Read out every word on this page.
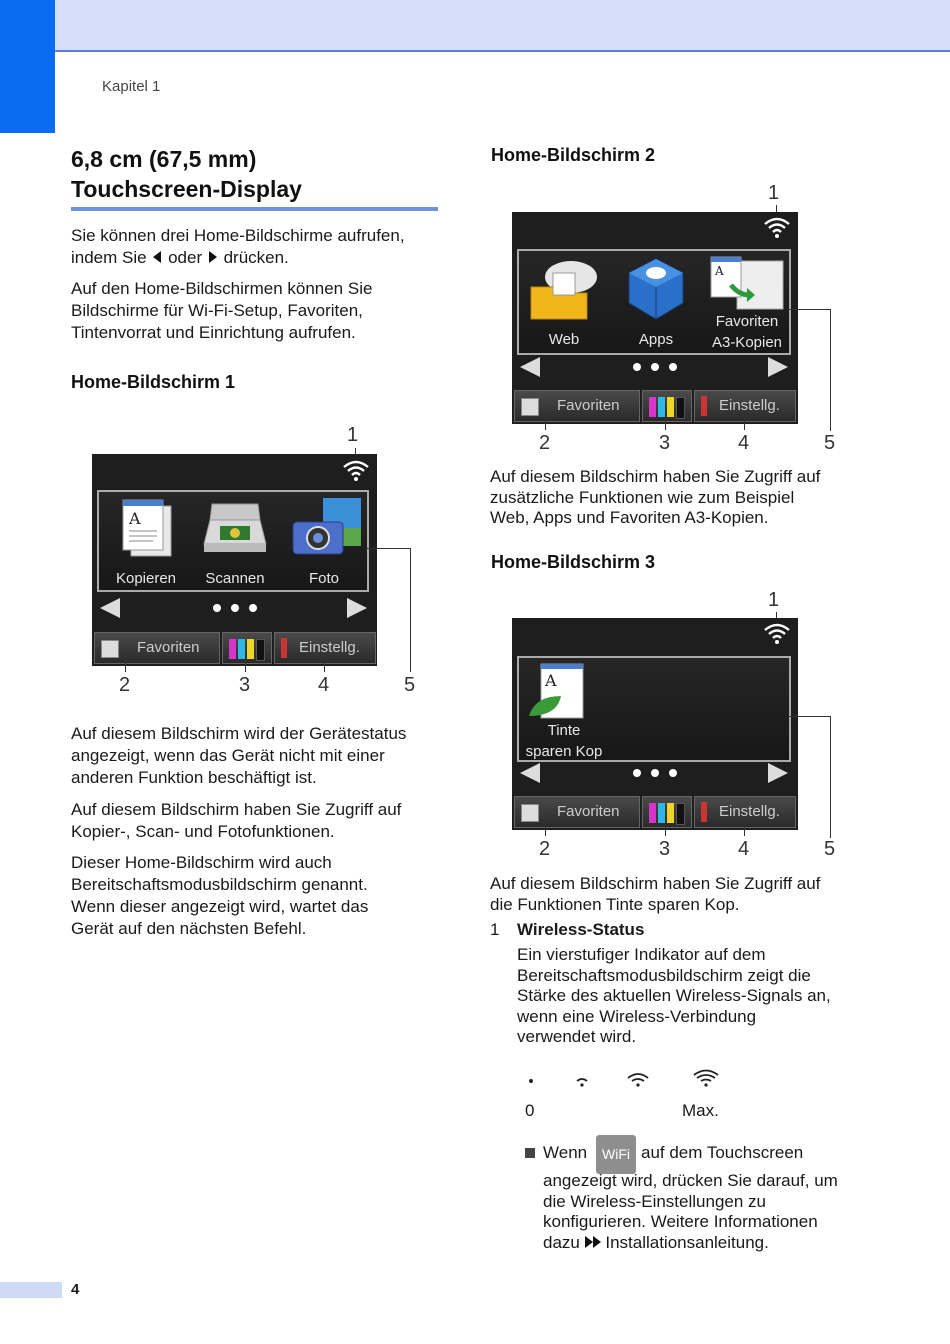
Kapitel 1
6,8 cm (67,5 mm)
Touchscreen-Display
Sie können drei Home-Bildschirme aufrufen,
indem Sie oder drücken.
Auf den Home-Bildschirmen können Sie
Bildschirme für Wi-Fi-Setup, Favoriten,
Tintenvorrat und Einrichtung aufrufen.
Home-Bildschirm 1
1
A
Kopieren	Scannen	Foto
Favoriten	Einstellg.
2	3	4	5
Auf diesem Bildschirm wird der Gerätestatus
angezeigt, wenn das Gerät nicht mit einer
anderen Funktion beschäftigt ist.
Auf diesem Bildschirm haben Sie Zugriff auf
Kopier-, Scan- und Fotofunktionen.
Dieser Home-Bildschirm wird auch
Bereitschaftsmodusbildschirm genannt.
Wenn dieser angezeigt wird, wartet das
Gerät auf den nächsten Befehl.
Home-Bildschirm 2
1
Web	Apps
A
Favoriten
A3-Kopien
Favoriten	Einstellg.
2	3	4	5
Auf diesem Bildschirm haben Sie Zugriff auf
zusätzliche Funktionen wie zum Beispiel
Web, Apps und Favoriten A3-Kopien.
Home-Bildschirm 3
1
A
Tinte
sparen Kop
Favoriten	Einstellg.
2	3	4	5
Auf diesem Bildschirm haben Sie Zugriff auf
die Funktionen Tinte sparen Kop.
1 Wireless-Status
Ein vierstufiger Indikator auf dem
Bereitschaftsmodusbildschirm zeigt die
Stärke des aktuellen Wireless-Signals an,
wenn eine Wireless-Verbindung
verwendet wird.
0	Max.
Wenn	WiFi auf dem Touchscreen
angezeigt wird, drücken Sie darauf, um
die Wireless-Einstellungen zu
konfigurieren. Weitere Informationen
dazu Installationsanleitung.
4
